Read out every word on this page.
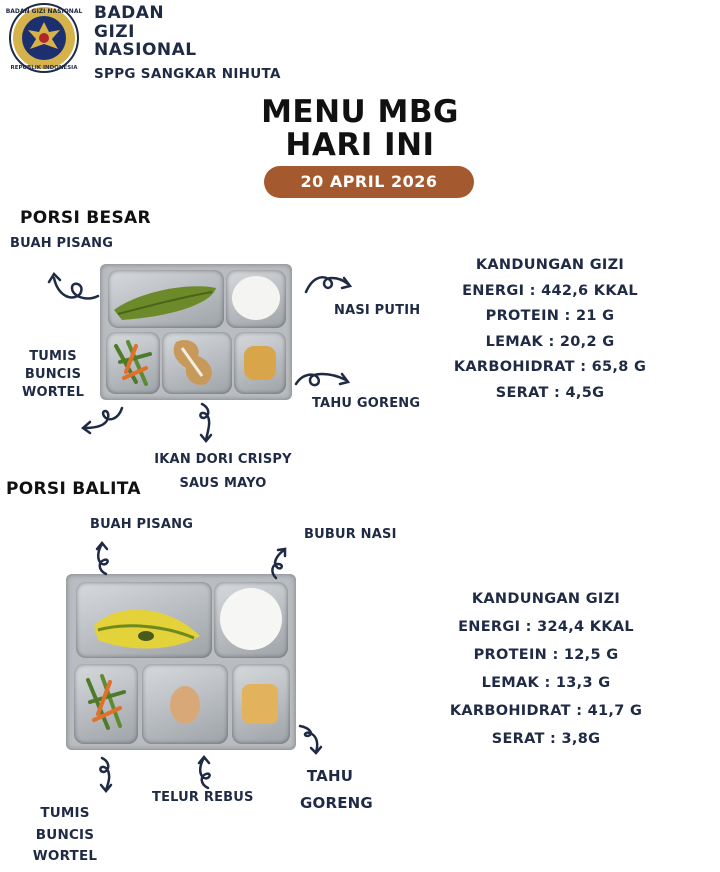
BADAN GIZI NASIONAL
REPUBLIK INDONESIA
BADAN
GIZI
NASIONAL
SPPG SANGKAR NIHUTA
MENU MBG
HARI INI
20 APRIL 2026
PORSI BESAR
BUAH PISANG
NASI PUTIH
TUMIS
BUNCIS
WORTEL
TAHU GORENG
IKAN DORI CRISPY
SAUS MAYO
KANDUNGAN GIZI
ENERGI : 442,6 KKAL
PROTEIN : 21 G
LEMAK : 20,2 G
KARBOHIDRAT : 65,8 G
SERAT : 4,5G
PORSI BALITA
BUAH PISANG
BUBUR NASI
TELUR REBUS
TAHU
GORENG
TUMIS
BUNCIS
WORTEL
KANDUNGAN GIZI
ENERGI : 324,4 KKAL
PROTEIN : 12,5 G
LEMAK : 13,3 G
KARBOHIDRAT : 41,7 G
SERAT : 3,8G
